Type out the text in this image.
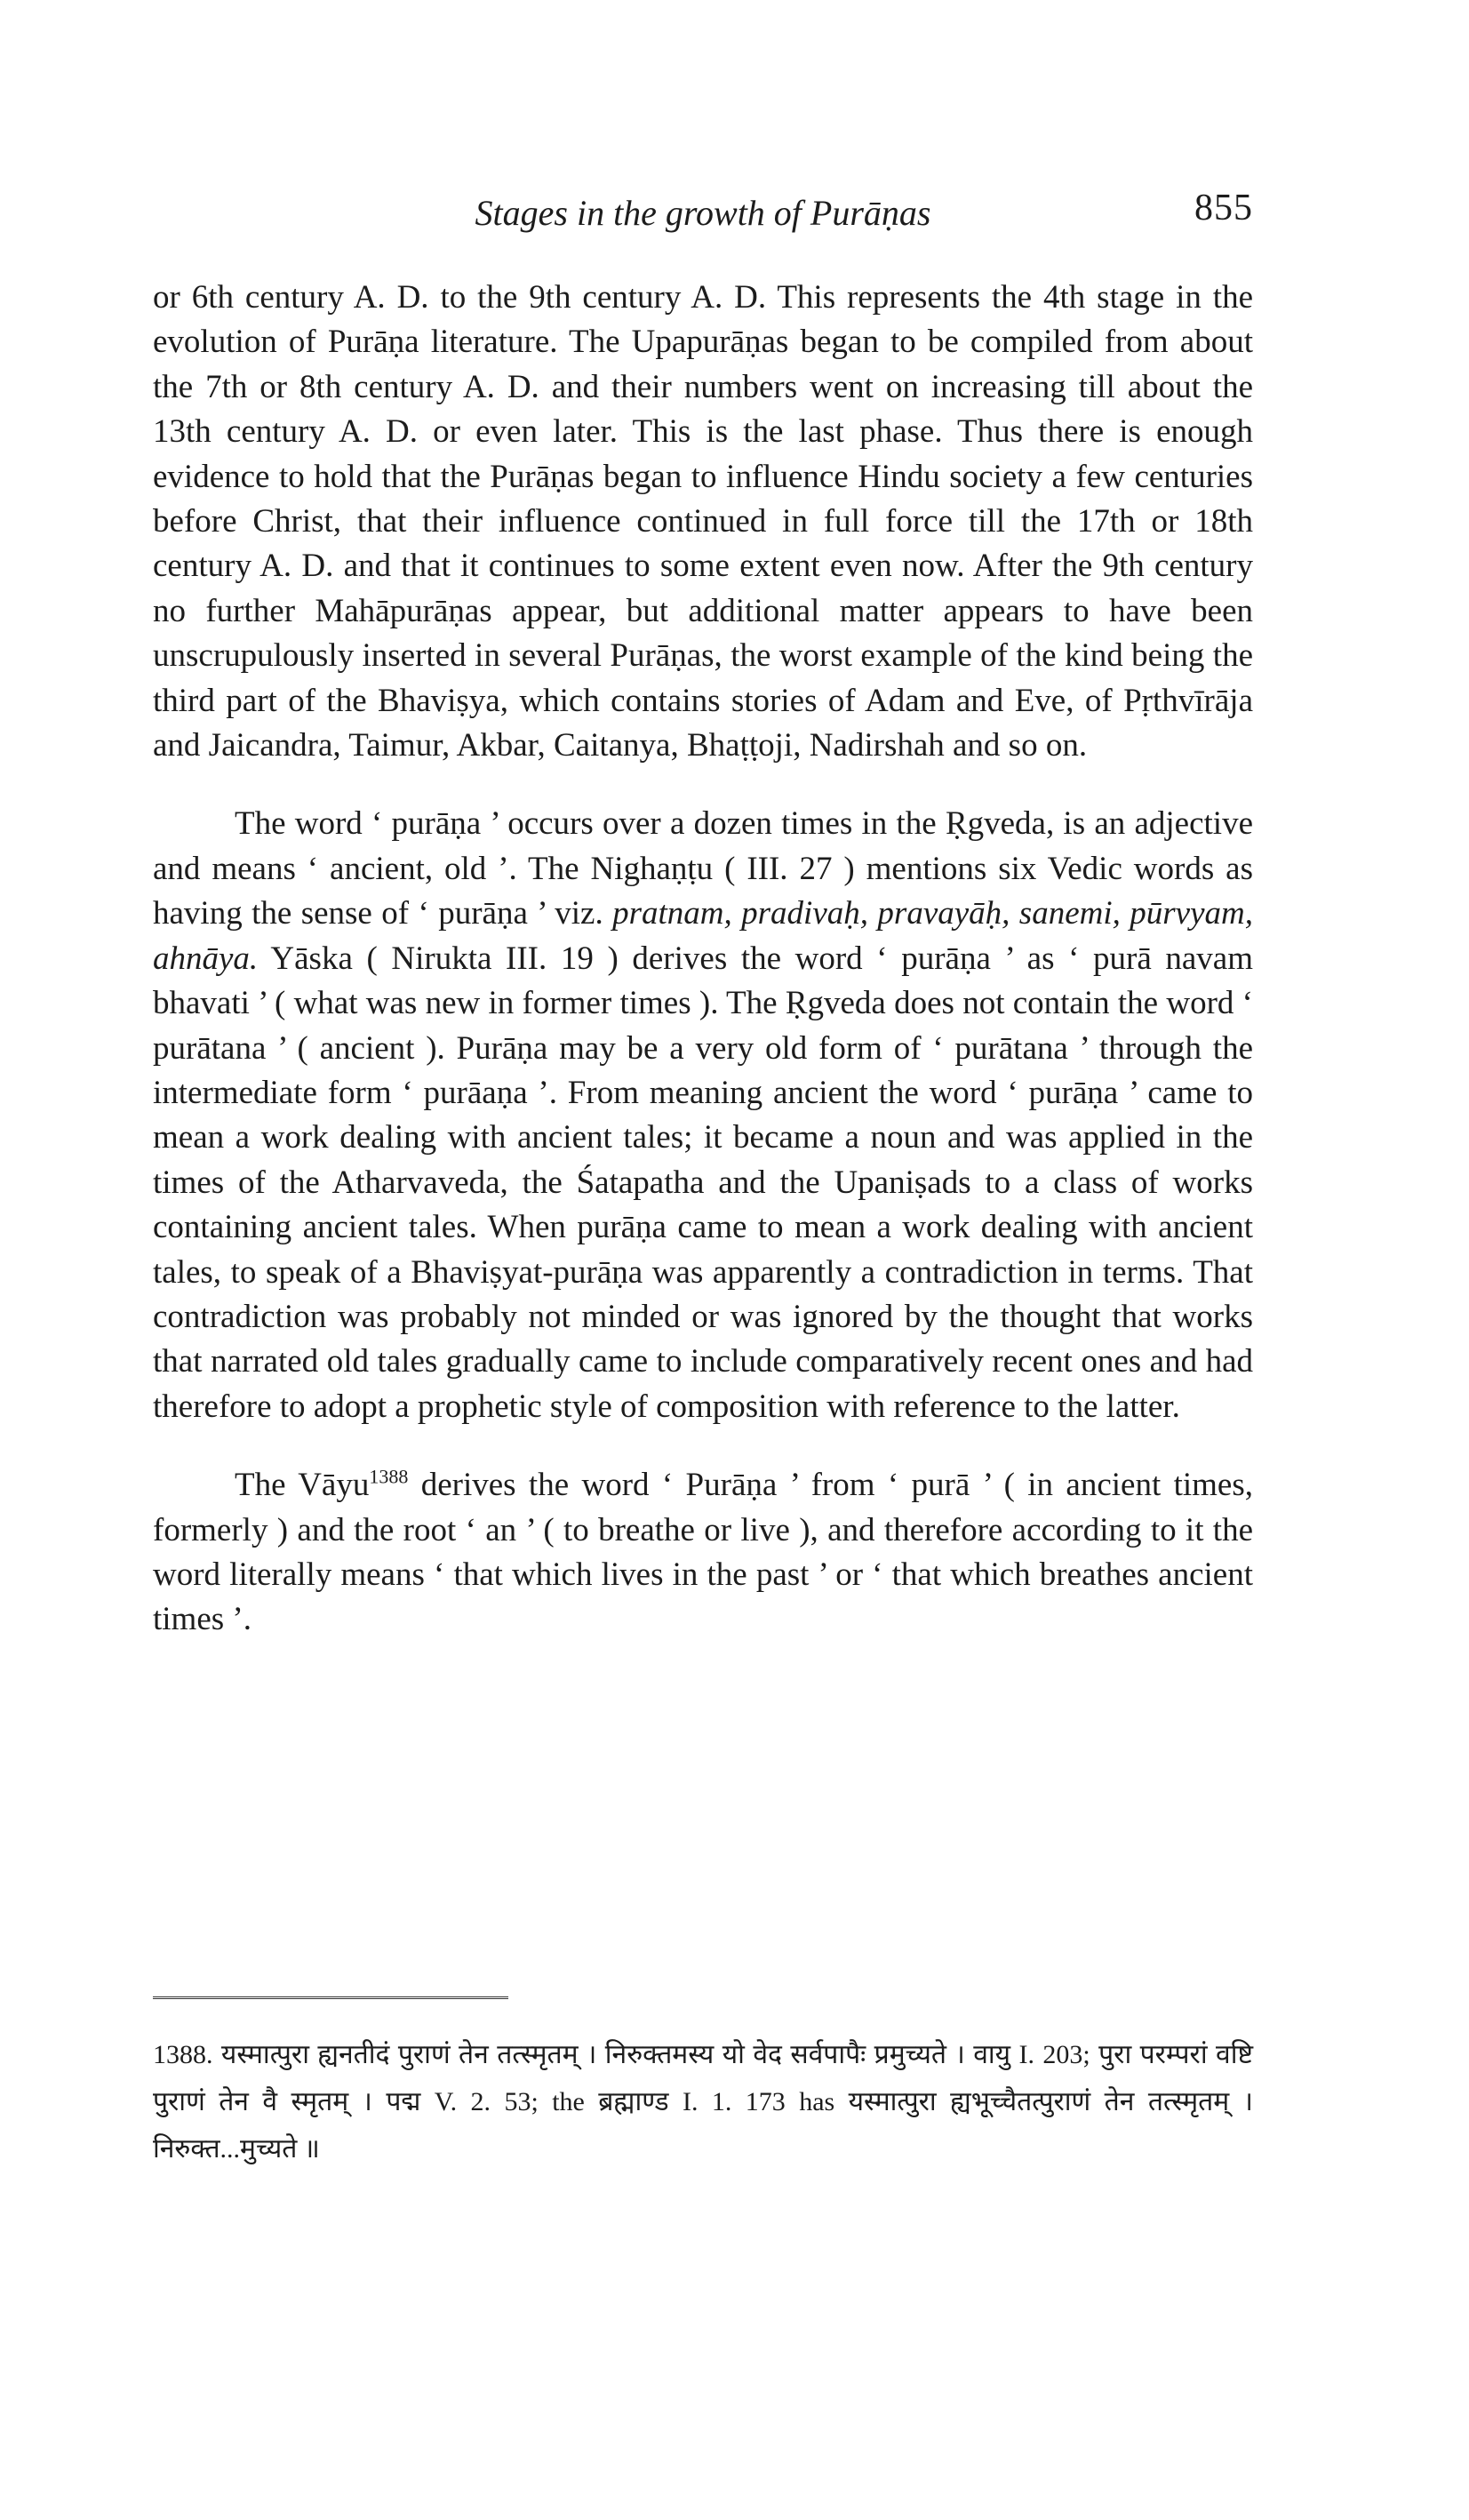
Stages in the growth of Purāṇas	855

or 6th century A. D. to the 9th century A. D. This represents the 4th stage in the evolution of Purāṇa literature. The Upapurāṇas began to be compiled from about the 7th or 8th century A. D. and their numbers went on increasing till about the 13th century A. D. or even later. This is the last phase. Thus there is enough evidence to hold that the Purāṇas began to influence Hindu society a few centuries before Christ, that their influence continued in full force till the 17th or 18th century A. D. and that it continues to some extent even now. After the 9th century no further Mahāpurāṇas appear, but additional matter appears to have been unscrupulously inserted in several Purāṇas, the worst example of the kind being the third part of the Bhaviṣya, which contains stories of Adam and Eve, of Pṛthvīrāja and Jaicandra, Taimur, Akbar, Caitanya, Bhaṭṭoji, Nadirshah and so on.

The word ‘ purāṇa ’ occurs over a dozen times in the Ṛgveda, is an adjective and means ‘ ancient, old ’. The Nighaṇṭu ( III. 27 ) mentions six Vedic words as having the sense of ‘ purāṇa ’ viz. pratnam, pradivaḥ, pravayāḥ, sanemi, pūrvyam, ahnāya. Yāska ( Nirukta III. 19 ) derives the word ‘ purāṇa ’ as ‘ purā navam bhavati ’ ( what was new in former times ). The Ṛgveda does not contain the word ‘ purātana ’ ( ancient ). Purāṇa may be a very old form of ‘ purātana ’ through the intermediate form ‘ purāaṇa ’. From meaning ancient the word ‘ purāṇa ’ came to mean a work dealing with ancient tales; it became a noun and was applied in the times of the Atharvaveda, the Śatapatha and the Upaniṣads to a class of works containing ancient tales. When purāṇa came to mean a work dealing with ancient tales, to speak of a Bhaviṣyat-purāṇa was apparently a contradiction in terms. That contradiction was probably not minded or was ignored by the thought that works that narrated old tales gradually came to include comparatively recent ones and had therefore to adopt a prophetic style of composition with reference to the latter.

The Vāyu$^{1388}$ derives the word ‘ Purāṇa ’ from ‘ purā ’ ( in ancient times, formerly ) and the root ‘ an ’ ( to breathe or live ), and therefore according to it the word literally means ‘ that which lives in the past ’ or ‘ that which breathes ancient times ’.

1388. यस्मात्पुरा ह्यनतीदं पुराणं तेन तत्स्मृतम् । निरुक्तमस्य यो वेद सर्वपापैः प्रमुच्यते । वायु I. 203; पुरा परम्परां वष्टि पुराणं तेन वै स्मृतम् । पद्म V. 2. 53; the ब्रह्माण्ड I. 1. 173 has यस्मात्पुरा ह्यभूच्चैतत्पुराणं तेन तत्स्मृतम् । निरुक्त...मुच्यते ॥
